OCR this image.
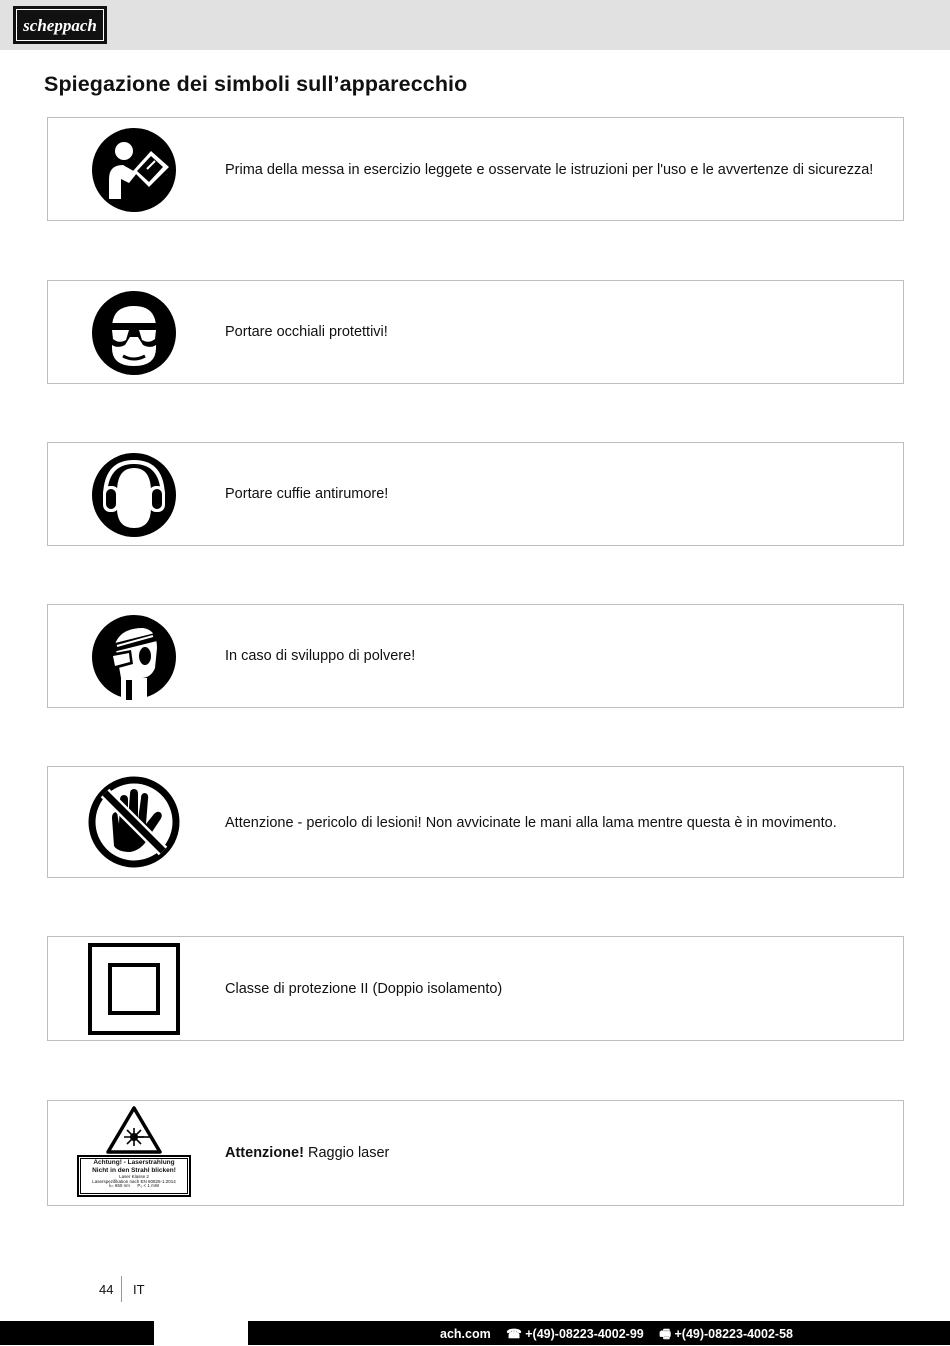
scheppach
Spiegazione dei simboli sull’apparecchio
Prima della messa in esercizio leggete e osservate le istruzioni per l'uso e le avvertenze di sicurezza!
Portare occhiali protettivi!
Portare cuffie antirumore!
In caso di sviluppo di polvere!
Attenzione - pericolo di lesioni! Non avvicinate le mani alla lama mentre questa è in movimento.
Classe di protezione II (Doppio isolamento)
Achtung! - Laserstrahlung
Nicht in den Strahl blicken!
Laser Klasse 2
Laserspezifikation nach EN 60825-1:2014
λ= 650 nm      P₀ < 1 mW
Attenzione! Raggio laser
44 IT
ach.com ☎ +(49)-08223-4002-99 🖷 +(49)-08223-4002-58
